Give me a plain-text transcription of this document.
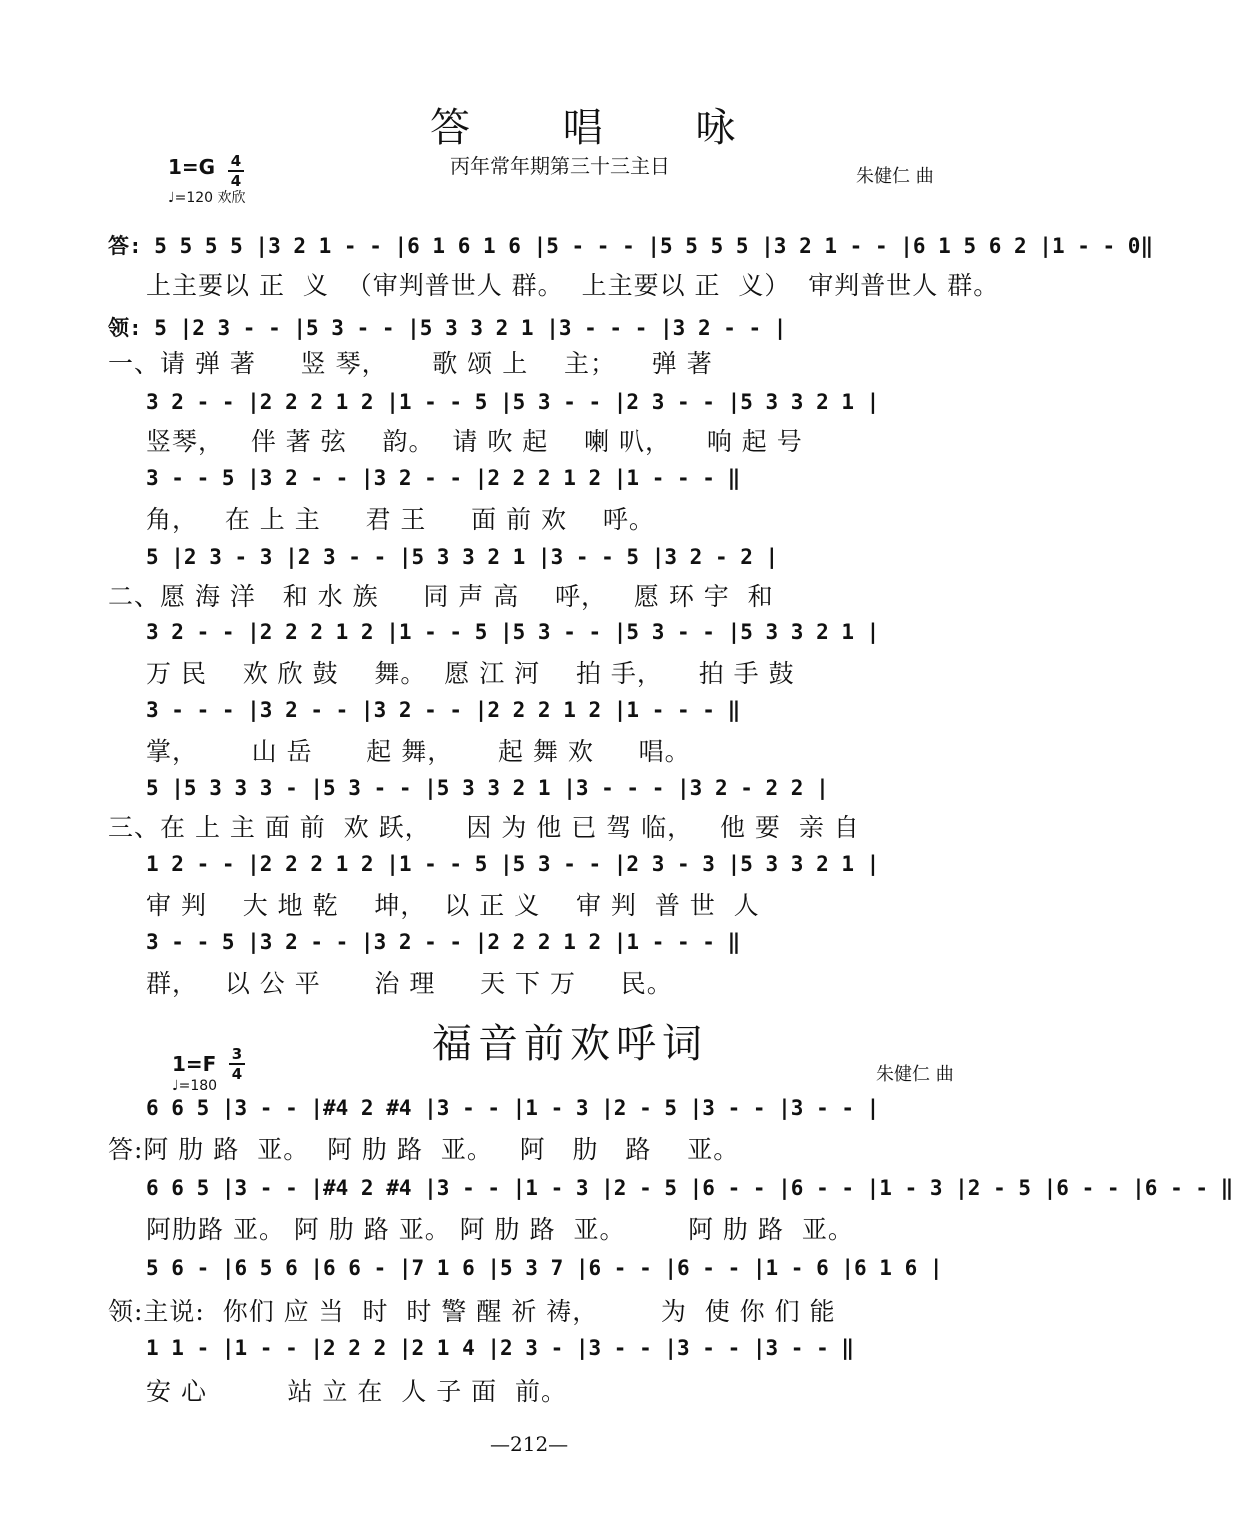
答 唱 咏
丙年常年期第三十三主日	朱健仁 曲
1=G 4
4
♩=120 欢欣
答: 5 5 5 5 |3 2 1 - - |6 1 6 1 6 |5 - - - |5 5 5 5 |3 2 1 - - |6 1 5 6 2 |1 - - 0‖
上主要以 正  义  （审判普世人 群。  上主要以 正  义）  审判普世人 群。
领: 5 |2 3 - - |5 3 - - |5 3 3 2 1 |3 - - - |3 2 - - |
一、请 弹 著     竖 琴，     歌 颂 上    主；    弹 著
3 2 - - |2 2 2 1 2 |1 - - 5 |5 3 - - |2 3 - - |5 3 3 2 1 |
竖琴，   伴 著 弦    韵。  请 吹 起    喇 叭，    响 起 号
3 - - 5 |3 2 - - |3 2 - - |2 2 2 1 2 |1 - - - ‖
角，   在 上 主     君 王     面 前 欢    呼。
5 |2 3 - 3 |2 3 - - |5 3 3 2 1 |3 - - 5 |3 2 - 2 |
二、愿 海 洋   和 水 族     同 声 高    呼，   愿 环 宇  和
3 2 - - |2 2 2 1 2 |1 - - 5 |5 3 - - |5 3 - - |5 3 3 2 1 |
万 民    欢 欣 鼓    舞。  愿 江 河    拍 手，    拍 手 鼓
3 - - - |3 2 - - |3 2 - - |2 2 2 1 2 |1 - - - ‖
掌，      山 岳      起 舞，     起 舞 欢     唱。
5 |5 3 3 3 - |5 3 - - |5 3 3 2 1 |3 - - - |3 2 - 2 2 |
三、在 上 主 面 前  欢 跃，    因 为 他 已 驾 临，   他 要  亲 自
1 2 - - |2 2 2 1 2 |1 - - 5 |5 3 - - |2 3 - 3 |5 3 3 2 1 |
审 判    大 地 乾    坤，  以 正 义    审 判  普 世  人
3 - - 5 |3 2 - - |3 2 - - |2 2 2 1 2 |1 - - - ‖
群，   以 公 平      治 理     天 下 万     民。
福音前欢呼词
朱健仁 曲
1=F 3
4
♩=180
6 6 5 |3 - - |#4 2 #4 |3 - - |1 - 3 |2 - 5 |3 - - |3 - - |
答:阿 肋 路  亚。  阿 肋 路  亚。   阿   肋   路    亚。
6 6 5 |3 - - |#4 2 #4 |3 - - |1 - 3 |2 - 5 |6 - - |6 - - |1 - 3 |2 - 5 |6 - - |6 - - ‖
阿肋路 亚。 阿 肋 路 亚。 阿 肋 路  亚。       阿 肋 路  亚。
5 6 - |6 5 6 |6 6 - |7 1 6 |5 3 7 |6 - - |6 - - |1 - 6 |6 1 6 |
领:主说:  你们 应 当  时  时 警 醒 祈 祷，       为  使 你 们 能
1 1 - |1 - - |2 2 2 |2 1 4 |2 3 - |3 - - |3 - - |3 - - ‖
安 心         站 立 在  人 子 面  前。
—212—
